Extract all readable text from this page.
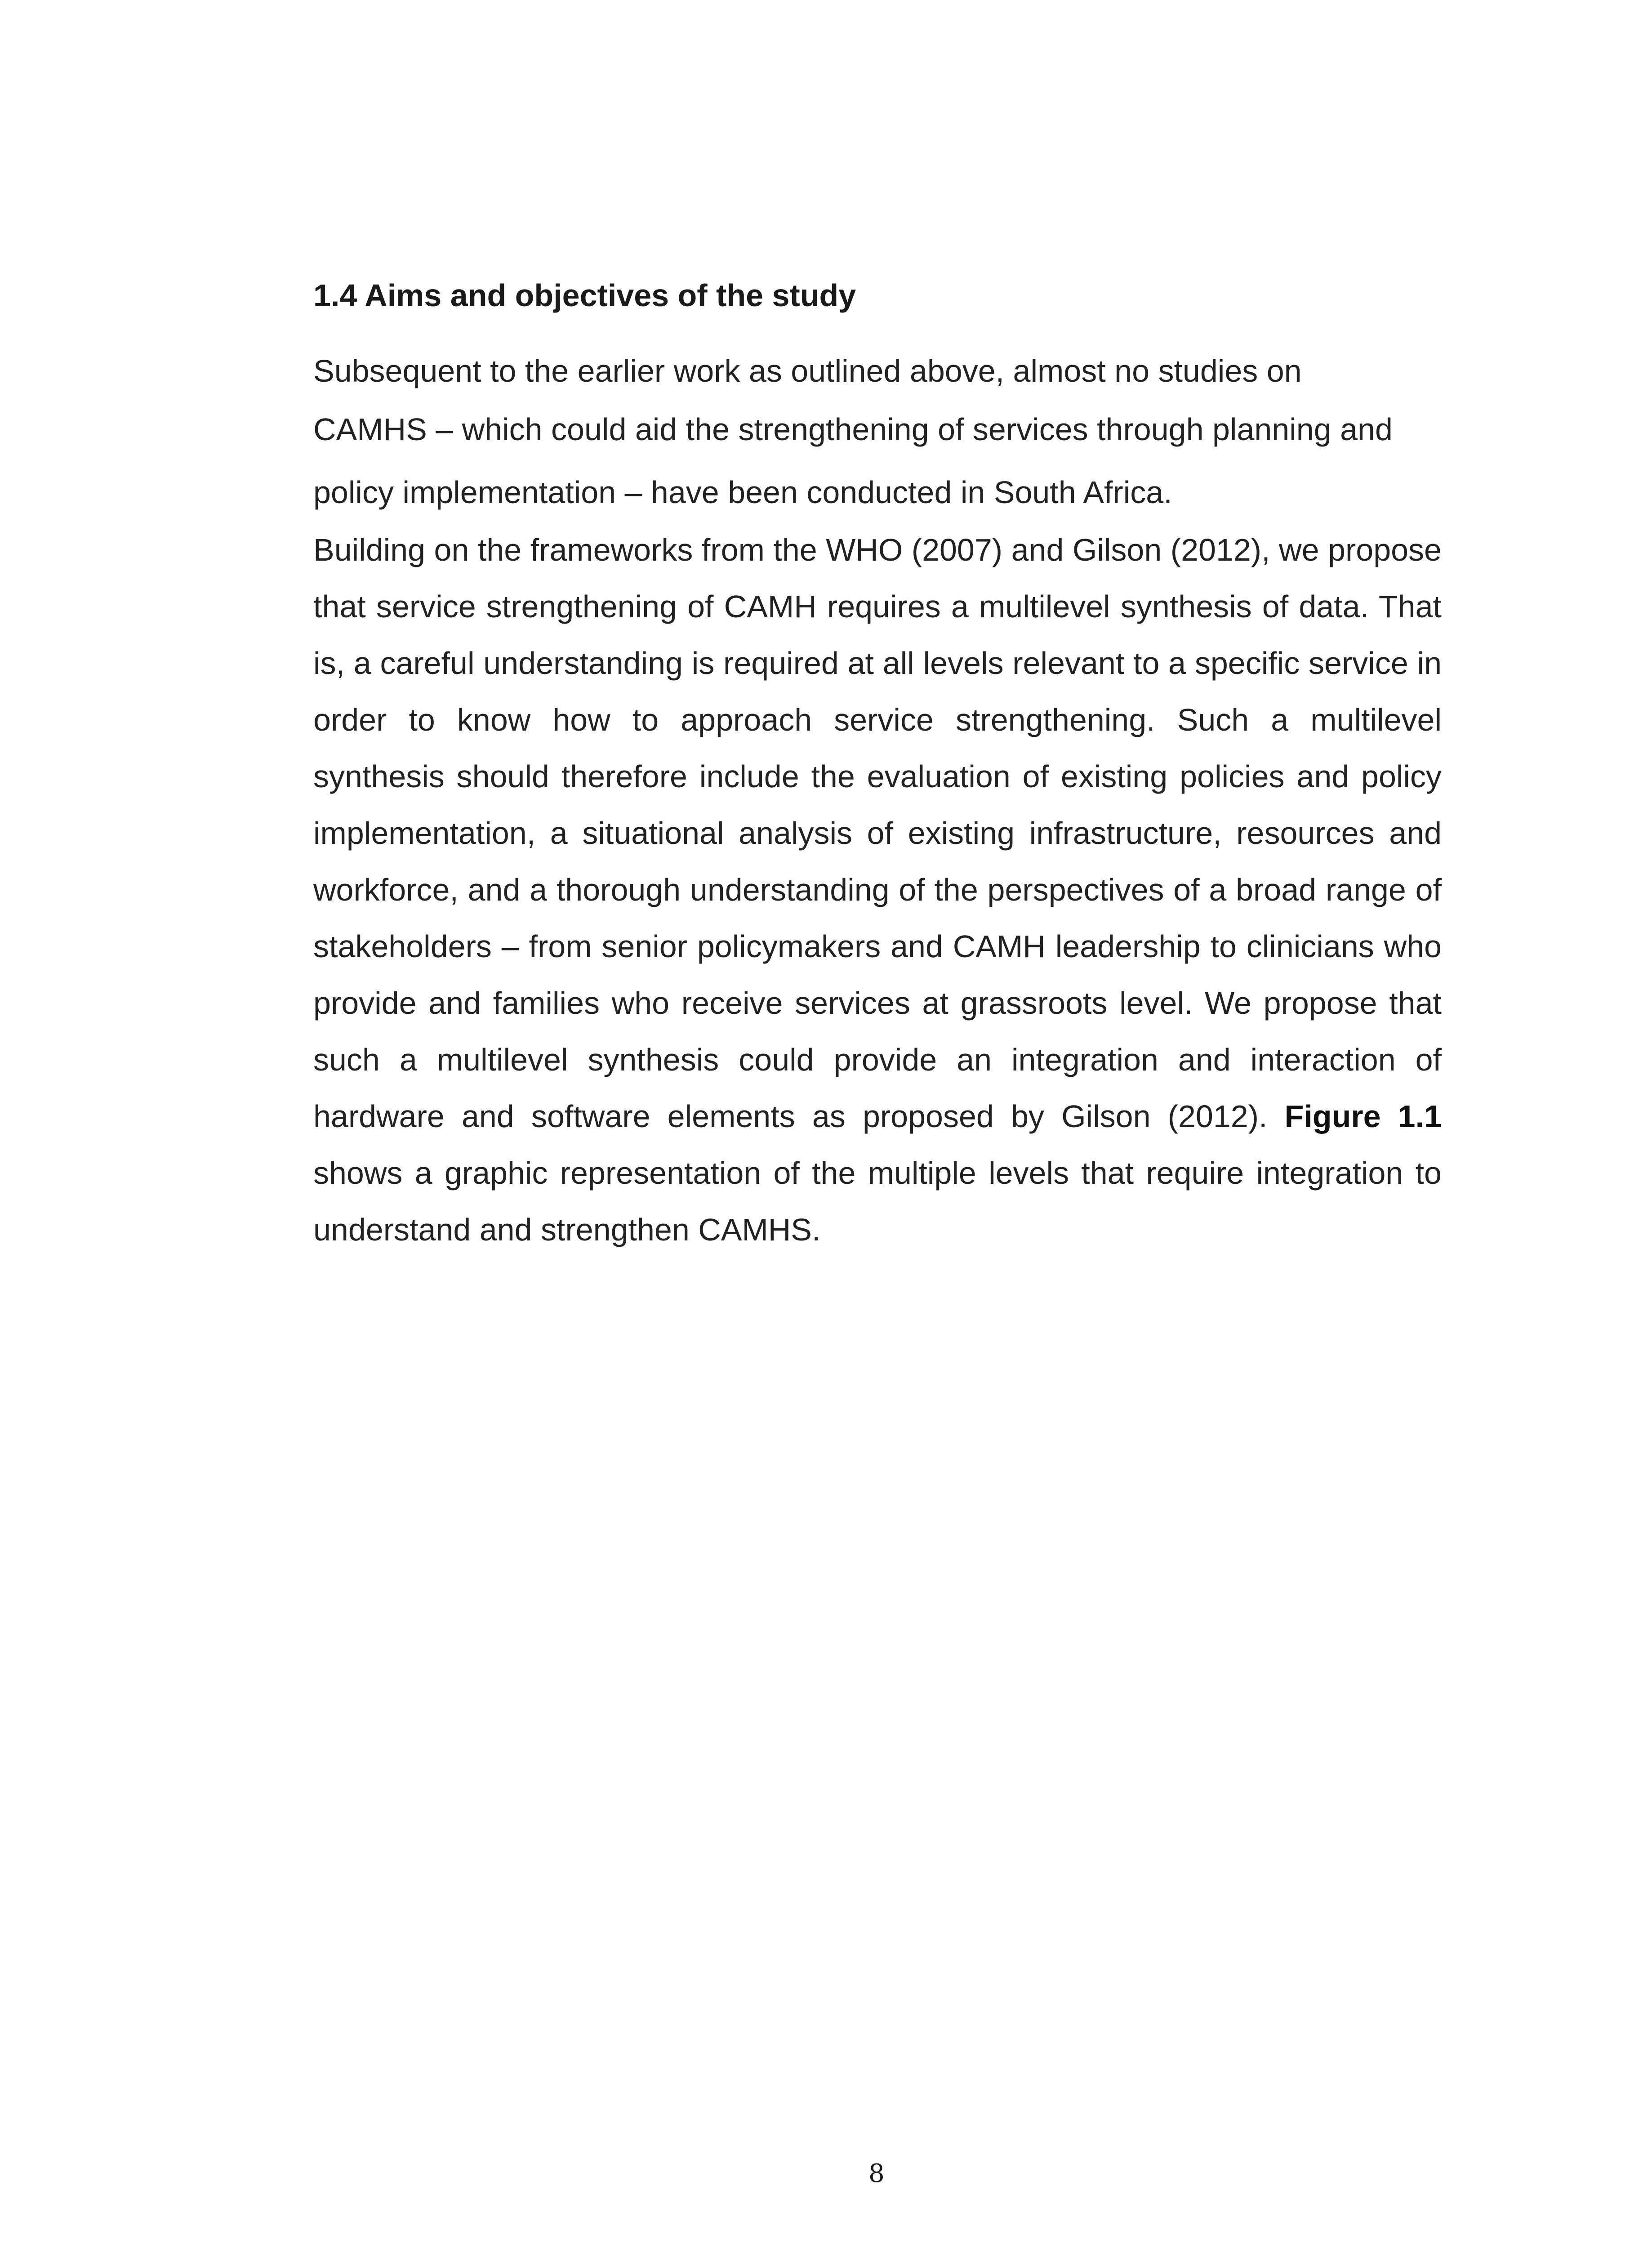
1.4 Aims and objectives of the study
Subsequent to the earlier work as outlined above, almost no studies on
CAMHS – which could aid the strengthening of services through planning and
policy implementation – have been conducted in South Africa.

Building on the frameworks from the WHO (2007) and Gilson (2012), we propose that service strengthening of CAMH requires a multilevel synthesis of data. That is, a careful understanding is required at all levels relevant to a specific service in order to know how to approach service strengthening. Such a multilevel synthesis should therefore include the evaluation of existing policies and policy implementation, a situational analysis of existing infrastructure, resources and workforce, and a thorough understanding of the perspectives of a broad range of stakeholders – from senior policymakers and CAMH leadership to clinicians who provide and families who receive services at grassroots level. We propose that such a multilevel synthesis could provide an integration and interaction of hardware and software elements as proposed by Gilson (2012). Figure 1.1 shows a graphic representation of the multiple levels that require integration to understand and strengthen CAMHS.

8
